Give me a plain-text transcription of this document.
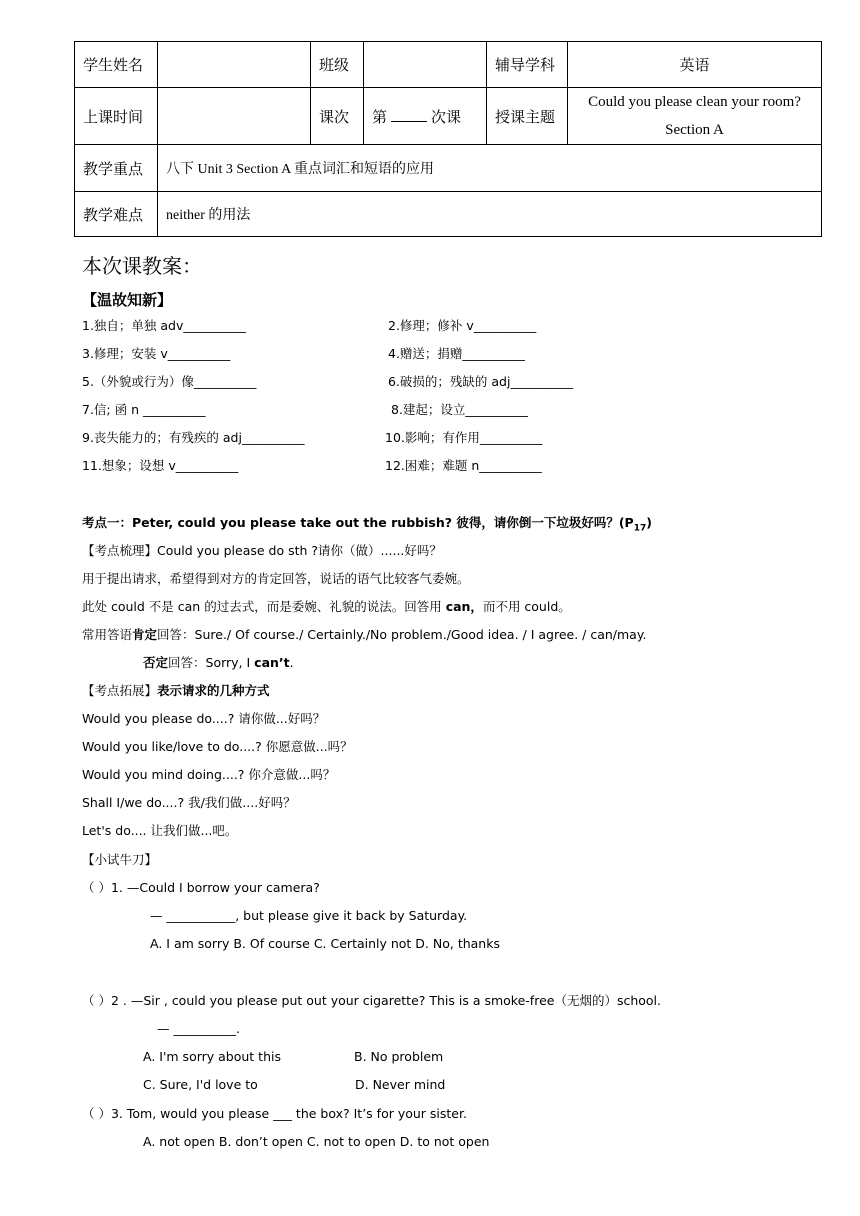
学生姓名		班级		辅导学科	英语
上课时间		课次	第 次课	授课主题	Could you please clean your room?
Section A

教学重点	八下 Unit 3 Section A 重点词汇和短语的应用				
教学难点	neither 的用法				
本次课教案：
【温故知新】
1.独自；单独 adv__________	2.修理；修补 v__________
3.修理；安装 v__________	4.赠送；捐赠__________
5.（外貌或行为）像__________	6.破损的；残缺的 adj__________
7.信; 函 n __________	8.建起；设立__________
9.丧失能力的；有残疾的 adj__________	10.影响；有作用__________
11.想象；设想 v__________	12.困难；难题 n__________
考点一：Peter, could you please take out the rubbish? 彼得，请你倒一下垃圾好吗？$(P_{17})$
【考点梳理】Could you please do sth ?请你（做）......好吗？
用于提出请求，希望得到对方的肯定回答，说话的语气比较客气委婉。
此处 could 不是 can 的过去式，而是委婉、礼貌的说法。回答用 can，而不用 could。
常用答语肯定回答：Sure./ Of course./ Certainly./No problem./Good idea. / I agree. / can/may.
否定回答：Sorry, I can’t.
【考点拓展】表示请求的几种方式
Would you please do....? 请你做...好吗？
Would you like/love to do....? 你愿意做...吗？
Would you mind doing....? 你介意做...吗？
Shall I/we do....? 我/我们做....好吗？
Let's do.... 让我们做...吧。
【小试牛刀】
（ ）1. —Could I borrow your camera?
— ___________, but please give it back by Saturday.
A. I am sorry B. Of course C. Certainly not D. No, thanks
（ ）2 . —Sir , could you please put out your cigarette? This is a smoke-free（无烟的）school.
— __________.
A. I'm sorry about this	B. No problem
C. Sure, I'd love to	D. Never mind
（ ）3. Tom, would you please ___ the box? It’s for your sister.
A. not open B. don’t open C. not to open D. to not open
